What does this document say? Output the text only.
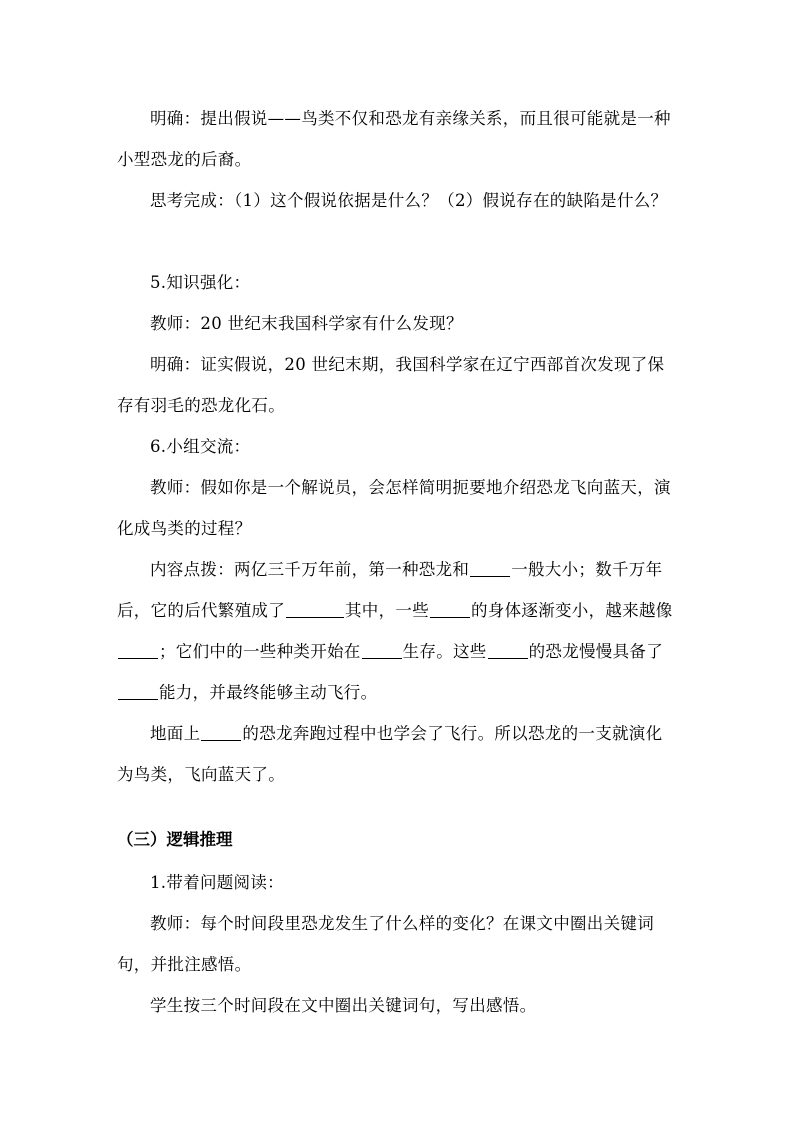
明确：提出假说——鸟类不仅和恐龙有亲缘关系，而且很可能就是一种小型恐龙的后裔。

思考完成：（1）这个假说依据是什么？（2）假说存在的缺陷是什么？

5.知识强化：

教师：20 世纪末我国科学家有什么发现？

明确：证实假说，20 世纪末期，我国科学家在辽宁西部首次发现了保存有羽毛的恐龙化石。

6.小组交流：

教师：假如你是一个解说员，会怎样简明扼要地介绍恐龙飞向蓝天，演化成鸟类的过程？

内容点拨：两亿三千万年前，第一种恐龙和	一般大小；数千万年后，它的后代繁殖成了	其中，一些	的身体逐渐变小，越来越像；它们中的一些种类开始在	生存。这些	的恐龙慢慢具备了能力，并最终能够主动飞行。

地面上	的恐龙奔跑过程中也学会了飞行。所以恐龙的一支就演化为鸟类，飞向蓝天了。

（三）逻辑推理

1.带着问题阅读：

教师：每个时间段里恐龙发生了什么样的变化？在课文中圈出关键词句，并批注感悟。

学生按三个时间段在文中圈出关键词句，写出感悟。
